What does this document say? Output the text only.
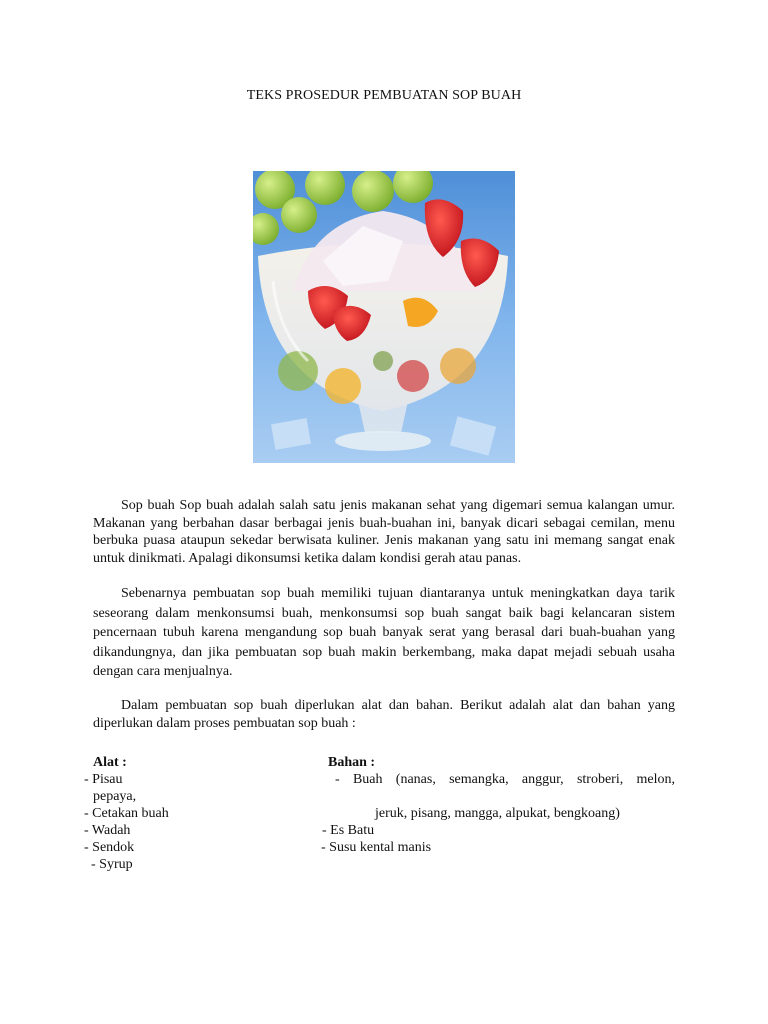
TEKS PROSEDUR PEMBUATAN SOP BUAH

Sop buah Sop buah adalah salah satu jenis makanan sehat yang digemari semua kalangan umur. Makanan yang berbahan dasar berbagai jenis buah-buahan ini, banyak dicari sebagai cemilan, menu berbuka puasa ataupun sekedar berwisata kuliner. Jenis makanan yang satu ini memang sangat enak untuk dinikmati. Apalagi dikonsumsi ketika dalam kondisi gerah atau panas.

Sebenarnya pembuatan sop buah memiliki tujuan diantaranya untuk meningkatkan daya tarik seseorang dalam menkonsumsi buah, menkonsumsi sop buah sangat baik bagi kelancaran sistem pencernaan tubuh karena mengandung sop buah banyak serat yang berasal dari buah-buahan yang dikandungnya, dan jika pembuatan sop buah makin berkembang, maka dapat mejadi sebuah usaha dengan cara menjualnya.

Dalam pembuatan sop buah diperlukan alat dan bahan. Berikut adalah alat dan bahan yang diperlukan dalam proses pembuatan sop buah :

Alat :	Bahan :
- Pisau	- Buah (nanas, semangka, anggur, stroberi, melon,
pepaya,
- Cetakan buah	jeruk, pisang, mangga, alpukat, bengkoang)
- Wadah	- Es Batu
- Sendok	- Susu kental manis
- Syrup
